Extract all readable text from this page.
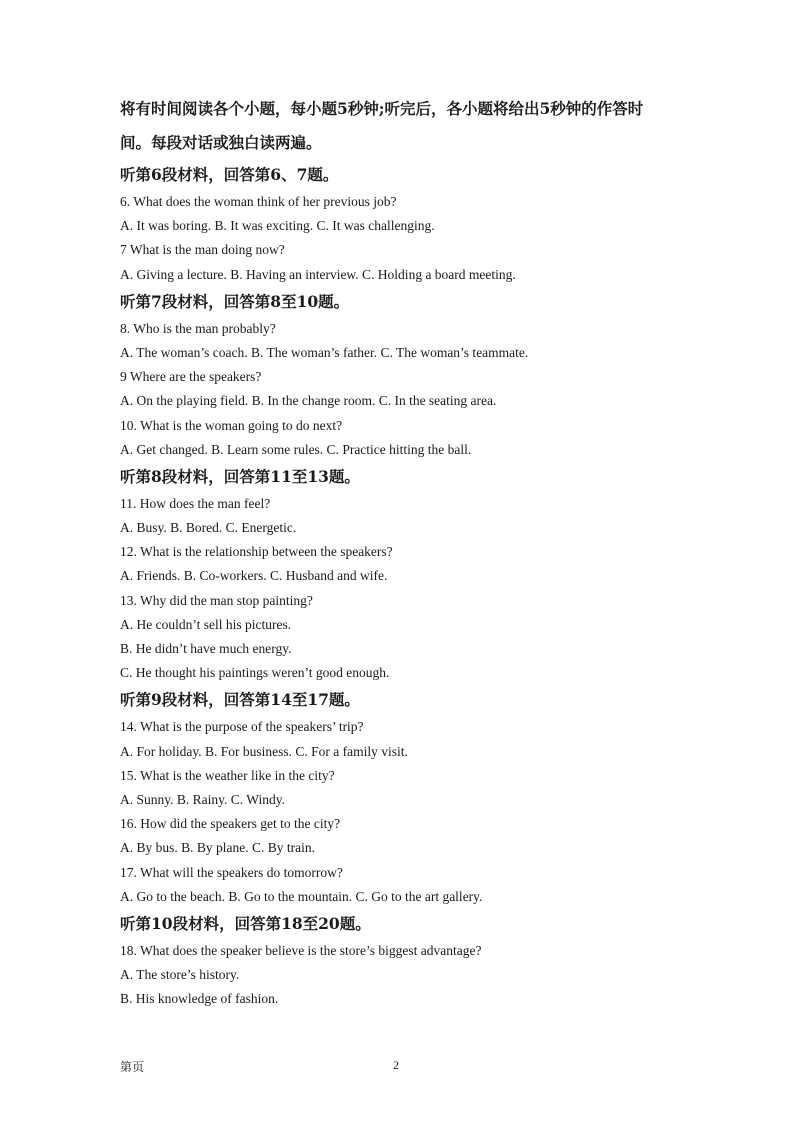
将有时间阅读各个小题，每小题5秒钟;听完后，各小题将给出5秒钟的作答时

间。每段对话或独白读两遍。

听第6段材料，回答第6、7题。

6. What does the woman think of her previous job?

A. It was boring. B. It was exciting. C. It was challenging.

7 What is the man doing now?

A. Giving a lecture. B. Having an interview. C. Holding a board meeting.

听第7段材料，回答第8至10题。

8. Who is the man probably?

A. The woman’s coach. B. The woman’s father. C. The woman’s teammate.

9 Where are the speakers?

A. On the playing field. B. In the change room. C. In the seating area.

10. What is the woman going to do next?

A. Get changed. B. Learn some rules. C. Practice hitting the ball.

听第8段材料，回答第11至13题。

11. How does the man feel?

A. Busy. B. Bored. C. Energetic.

12. What is the relationship between the speakers?

A. Friends. B. Co-workers. C. Husband and wife.

13. Why did the man stop painting?

A. He couldn’t sell his pictures.

B. He didn’t have much energy.

C. He thought his paintings weren’t good enough.

听第9段材料，回答第14至17题。

14. What is the purpose of the speakers’ trip?

A. For holiday. B. For business. C. For a family visit.

15. What is the weather like in the city?

A. Sunny. B. Rainy. C. Windy.

16. How did the speakers get to the city?

A. By bus. B. By plane. C. By train.

17. What will the speakers do tomorrow?

A. Go to the beach. B. Go to the mountain. C. Go to the art gallery.

听第10段材料，回答第18至20题。

18. What does the speaker believe is the store’s biggest advantage?

A. The store’s history.

B. His knowledge of fashion.

第页	2
